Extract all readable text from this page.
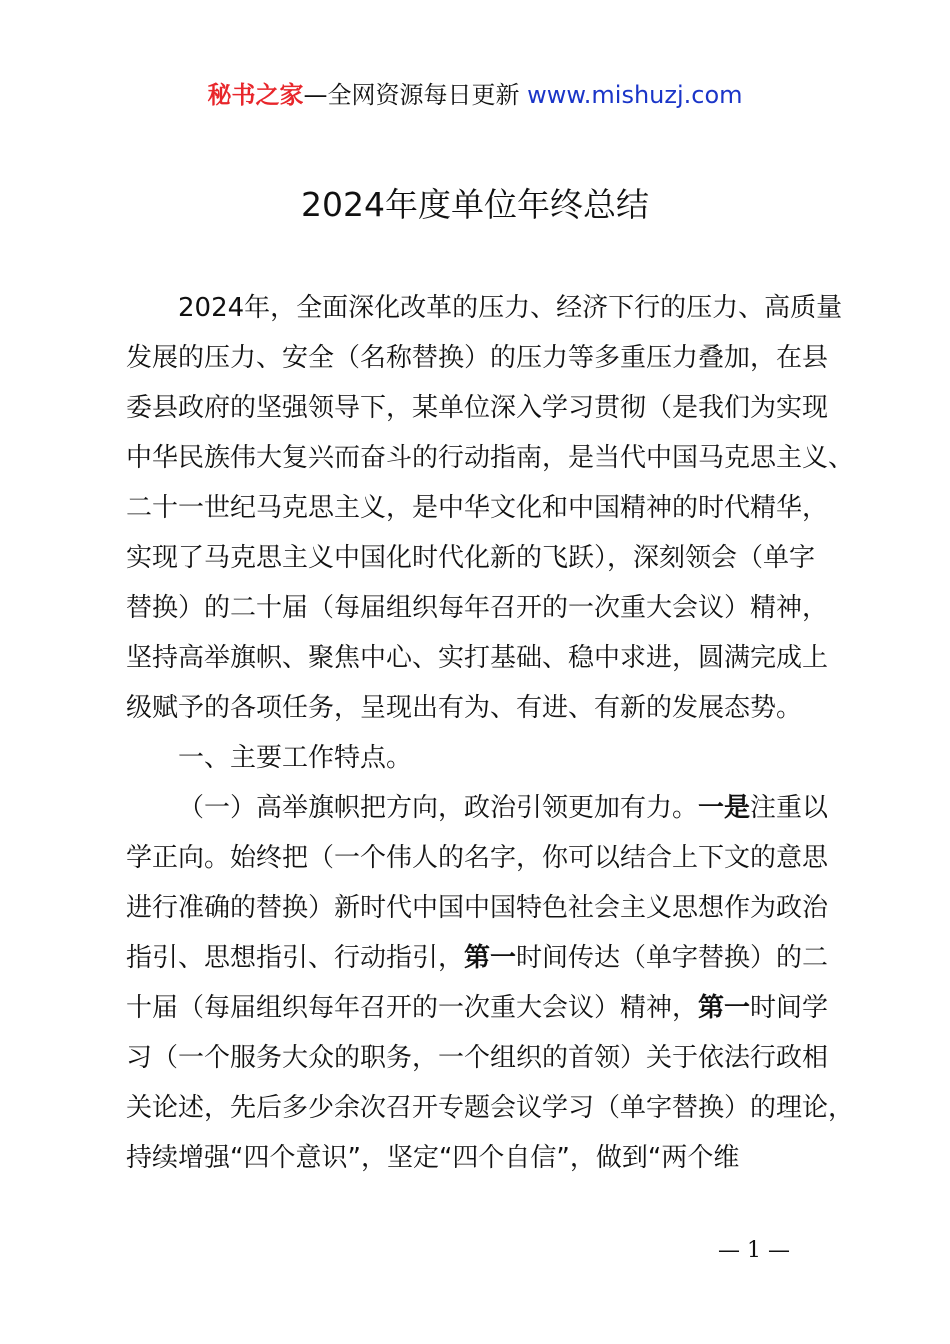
秘书之家—全网资源每日更新 www.mishuzj.com
2024年度单位年终总结
2024年，全面深化改革的压力、经济下行的压力、高质量
发展的压力、安全（名称替换）的压力等多重压力叠加，在县
委县政府的坚强领导下，某单位深入学习贯彻（是我们为实现
中华民族伟大复兴而奋斗的行动指南，是当代中国马克思主义、
二十一世纪马克思主义，是中华文化和中国精神的时代精华，
实现了马克思主义中国化时代化新的飞跃），深刻领会（单字
替换）的二十届（每届组织每年召开的一次重大会议）精神，
坚持高举旗帜、聚焦中心、实打基础、稳中求进，圆满完成上
级赋予的各项任务，呈现出有为、有进、有新的发展态势。
一、主要工作特点。
（一）高举旗帜把方向，政治引领更加有力。一是注重以
学正向。始终把（一个伟人的名字，你可以结合上下文的意思
进行准确的替换）新时代中国中国特色社会主义思想作为政治
指引、思想指引、行动指引，第一时间传达（单字替换）的二
十届（每届组织每年召开的一次重大会议）精神，第一时间学
习（一个服务大众的职务，一个组织的首领）关于依法行政相
关论述，先后多少余次召开专题会议学习（单字替换）的理论，
持续增强“四个意识”，坚定“四个自信”，做到“两个维
— 1 —
